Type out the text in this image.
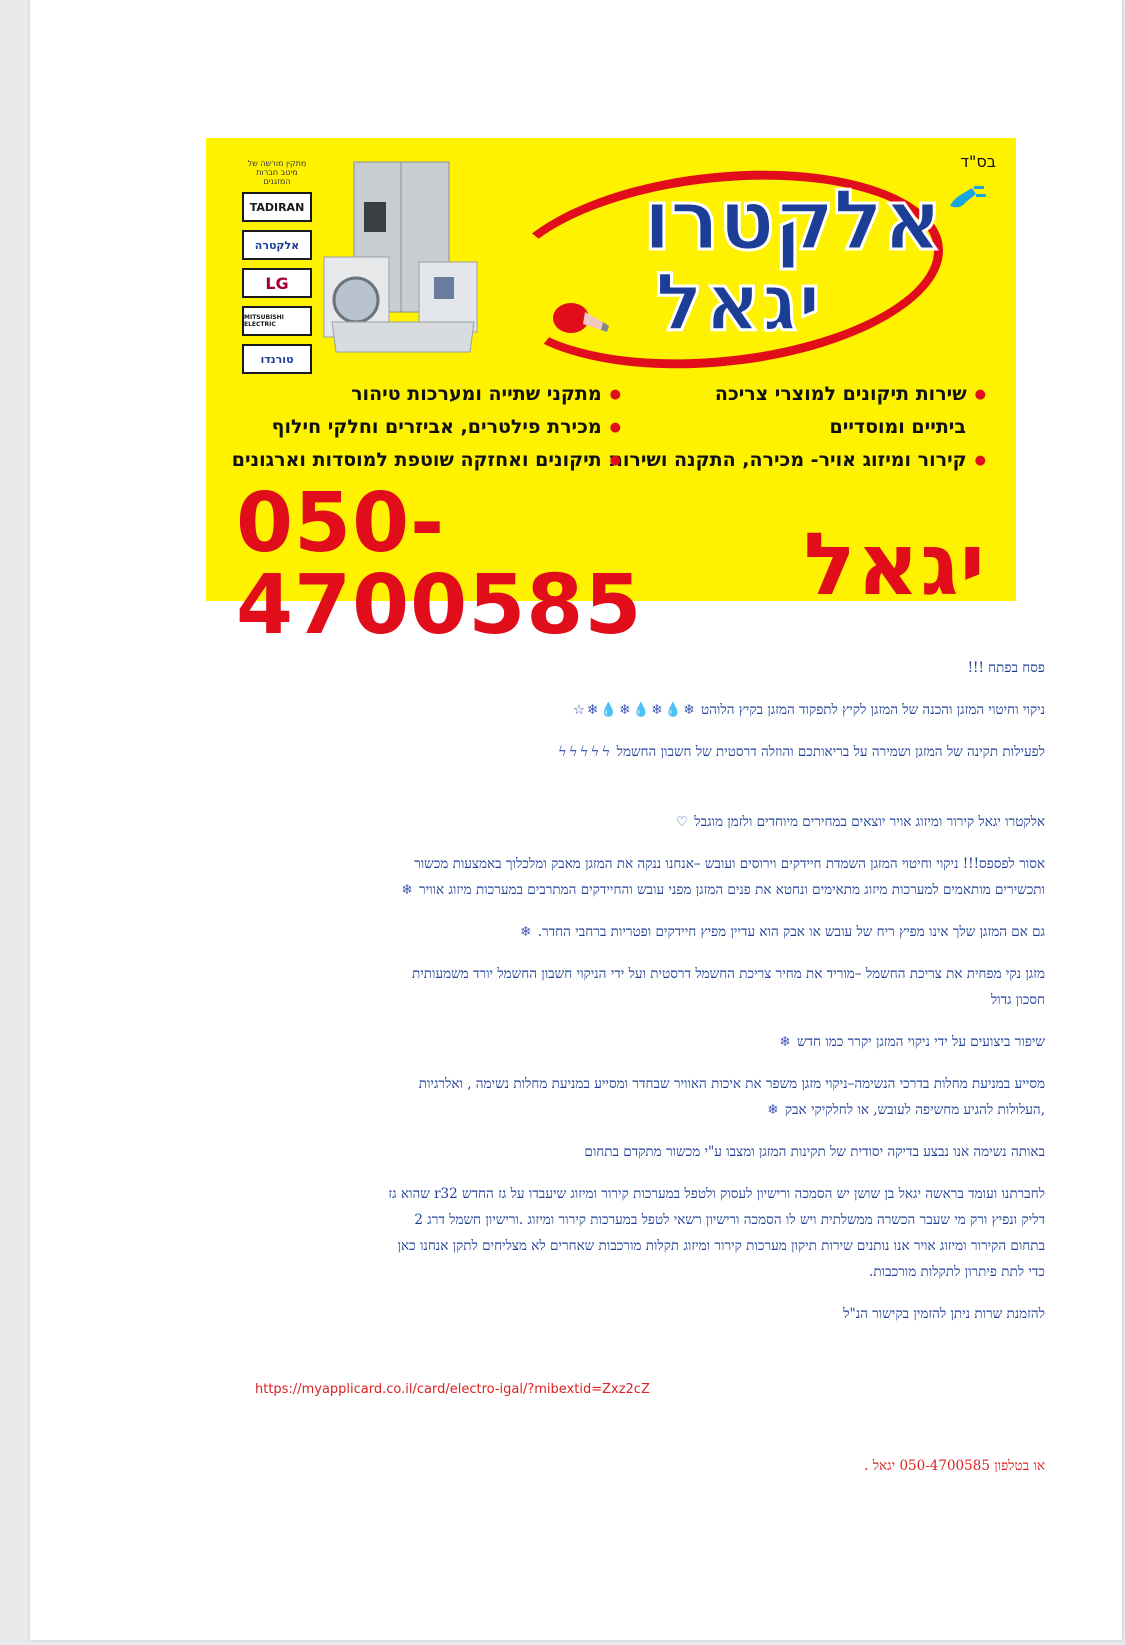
בס"ד
אלקטרו
יגאל
מתקין מורשה של מיטב חברות המזגנים
TADIRAN
אלקטרה
LG
MITSUBISHI ELECTRIC
טורנדו
● שירות תיקונים למוצרי צריכה
ביתיים ומוסדיים
● קירור ומיזוג אויר- מכירה, התקנה ושירות
● מתקני שתייה ומערכות טיהור
● מכירת פילטרים, אביזרים וחלקי חילוף
● תיקונים ואחזקה שוטפת למוסדות וארגונים
050-4700585	יגאל

פסח בפתח !!!

ניקוי וחיטוי המזגן והכנה של המזגן לקיץ לתפקוד המזגן בקיץ הלוהט ❄💧❄💧❄💧❄☆

לפעילות תקינה של המזגן ושמירה על בריאותכם והוזלה דרסטית של חשבון החשמל ϟϟϟϟϟ

אלקטרו יגאל קירור ומיזוג אויר יוצאים במחירים מיוחדים ולזמן מוגבל ♡

אסור לפספס!!! ניקוי וחיטוי המזגן השמדת חיידקים וירוסים ועובש –אנחנו ננקה את המזגן מאבק ומלכלוך באמצעות מכשור

ותכשירים מותאמים למערכות מיזוג מתאימים ונחטא את פנים המזגן מפני עובש והחיידקים המתרבים במערכות מיזוג אוויר ❄

גם אם המזגן שלך אינו מפיץ ריח של עובש או אבק הוא עדיין מפיץ חיידקים ופטריות ברחבי החדר. ❄

מזגן נקי מפחית את צריכת החשמל –מוריד את מחיר צריכת החשמל דרסטית ועל ידי הניקוי חשבון החשמל יורד משמעותית

חסכון גדול

שיפור ביצועים על ידי ניקוי המזגן יקרר כמו חדש ❄

מסייע במניעת מחלות בדרכי הנשימה–ניקוי מזגן משפר את איכות האוויר שבחדר ומסייע במניעת מחלות נשימה , ואלרגיות

,העלולות להגיע מחשיפה לעובש, או לחלקיקי אבק ❄

באותה נשימה אנו נבצע בדיקה יסודית של תקינות המזגן ומצבו ע"י מכשור מתקדם בתחום

לחברתנו ועומד בראשה יגאל בן שושן יש הסמכה ורישיון לעסוק ולטפל במערכות קירור ומיזוג שיעבדו על גז החדש r32 שהוא גז

דליק ונפיץ ורק מי שעבר הכשרה ממשלתית ויש לו הסמכה ורישיון רשאי לטפל במערכות קירור ומיזוג .ורישיון חשמל דרג 2

בתחום הקירור ומיזוג אויר אנו נותנים שירות תיקון מערכות קירור ומיזוג תקלות מורכבות שאחרים לא מצליחים לתקן אנחנו כאן

כדי לתת פיתרון לתקלות מורכבות.

להזמנת שרות ניתן להזמין בקישור הנ"ל

https://myapplicard.co.il/card/electro-igal/?mibextid=Zxz2cZ

או בטלפון 050-4700585 יגאל .
